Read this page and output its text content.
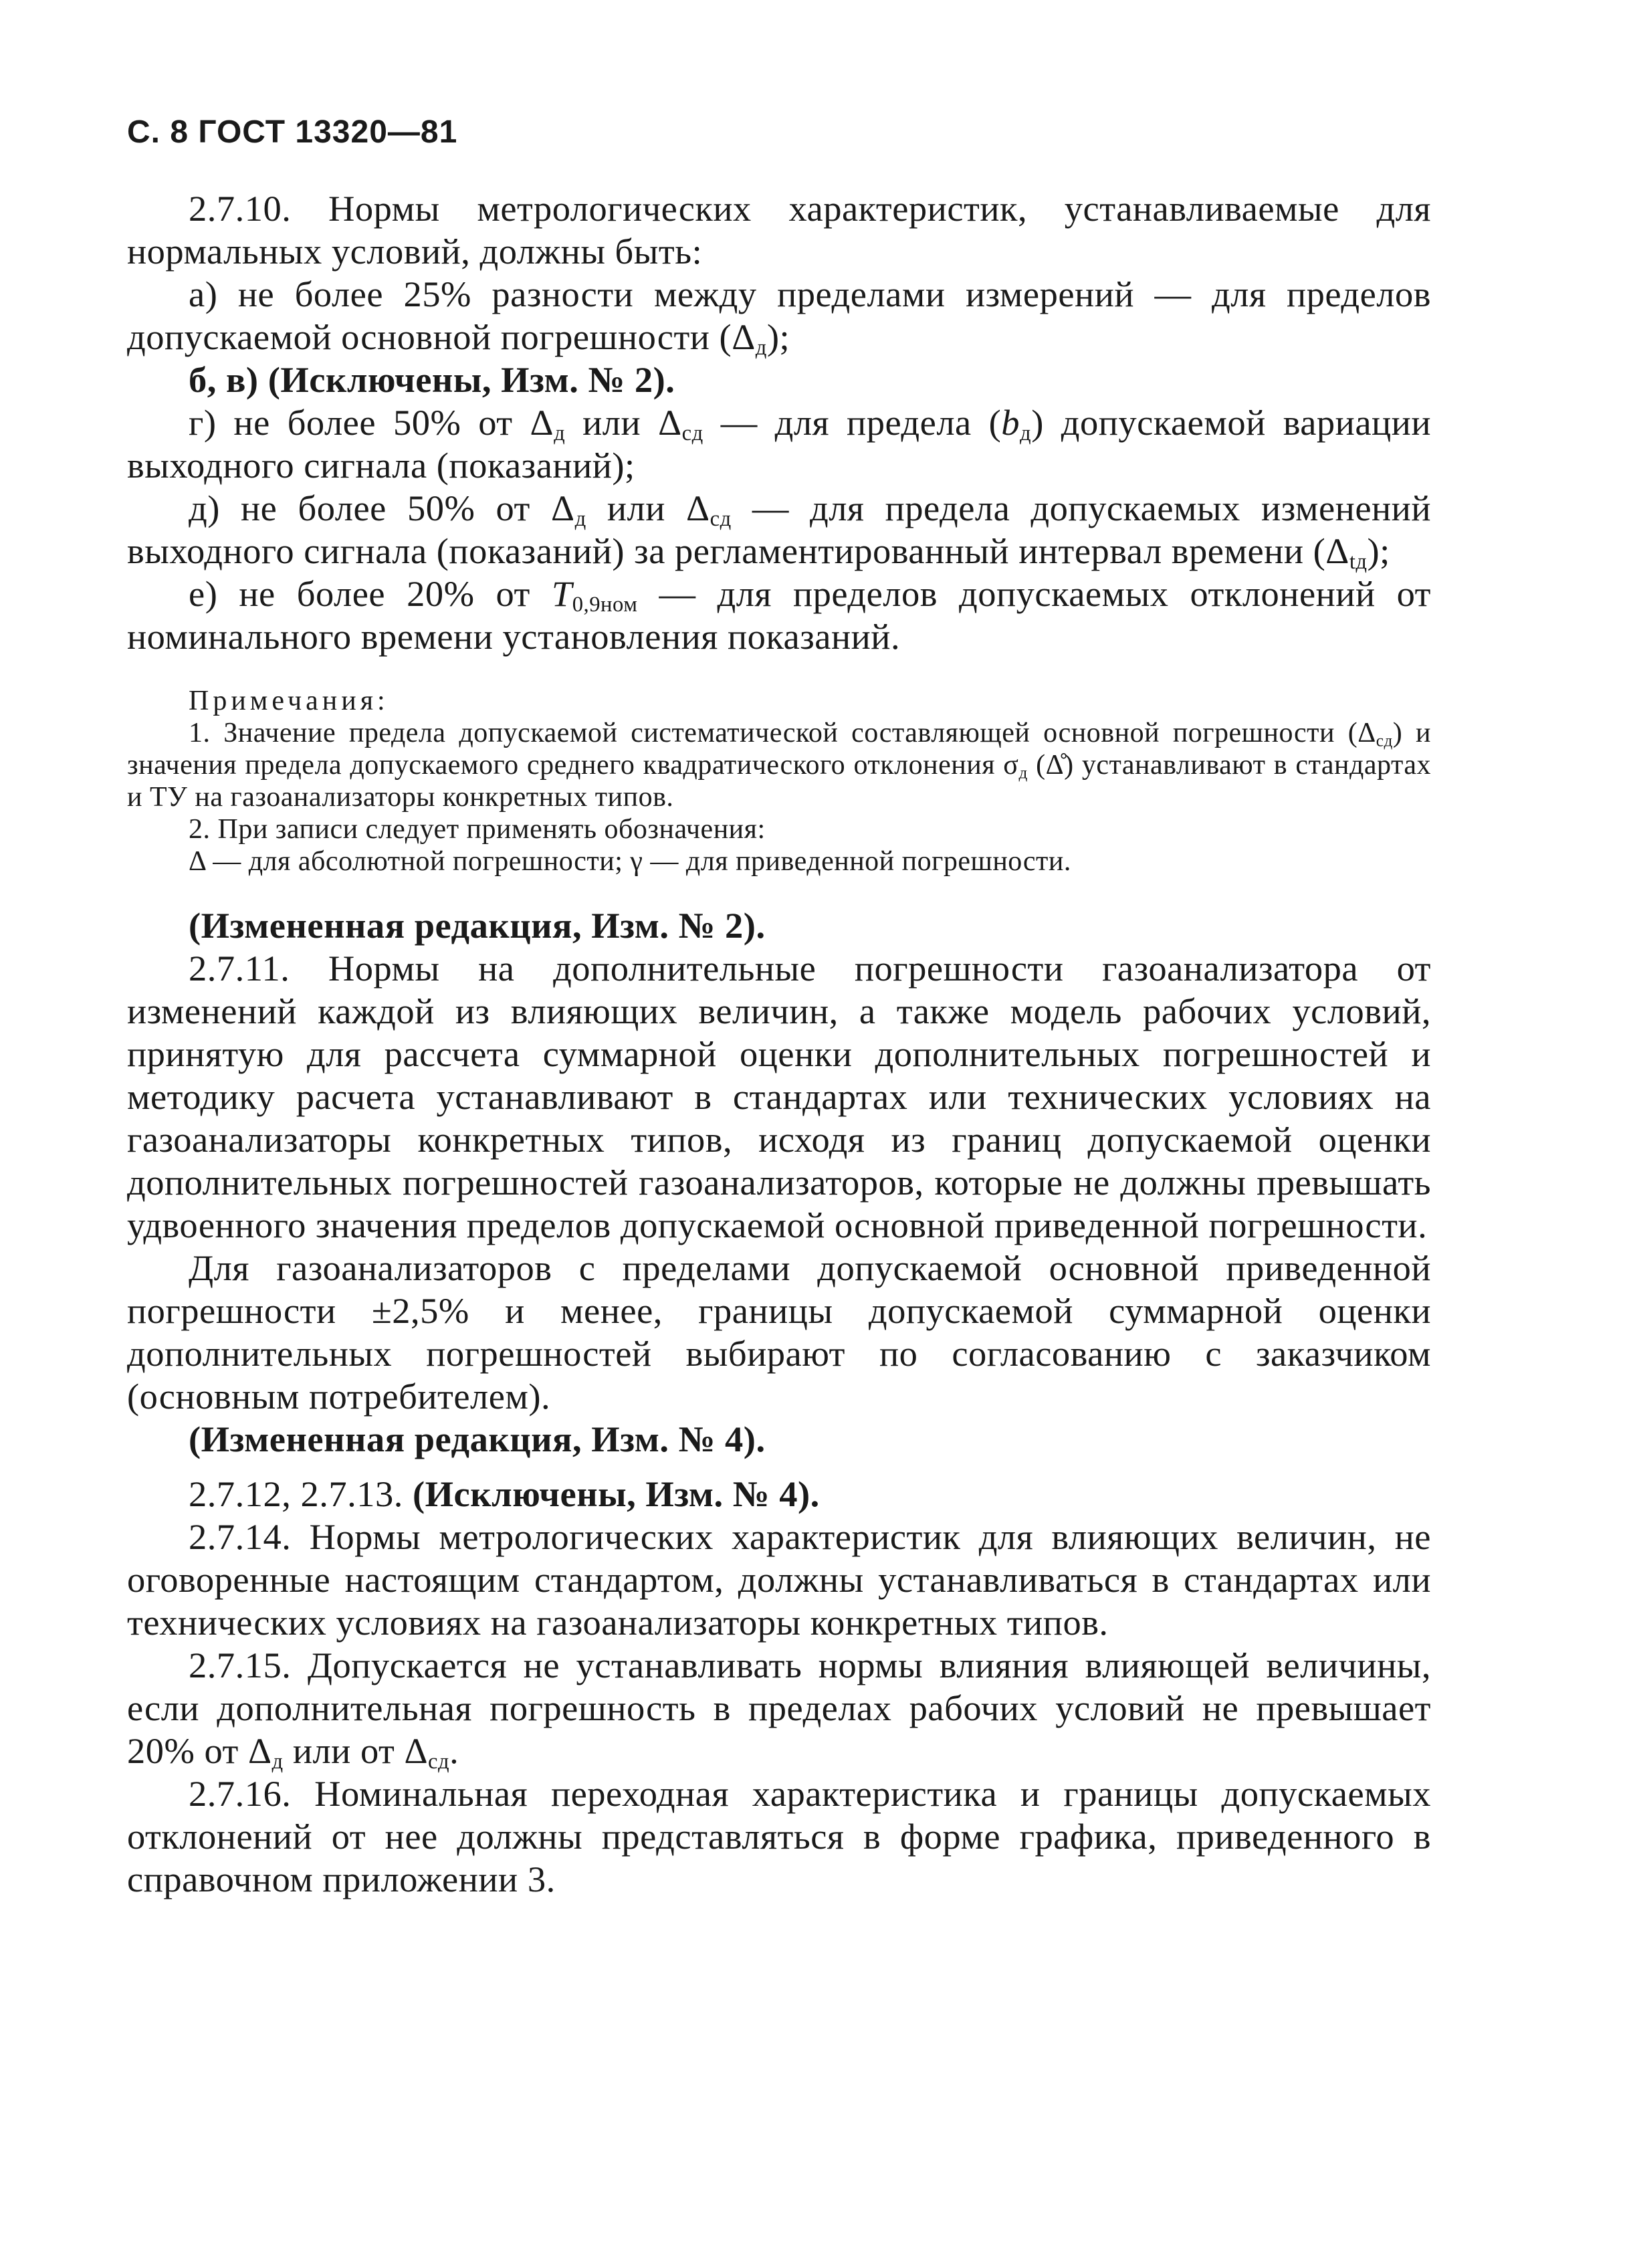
С. 8 ГОСТ 13320—81

2.7.10. Нормы метрологических характеристик, устанавливаемые для нормальных условий, должны быть:

а) не более 25% разности между пределами измерений — для пределов допускаемой основной погрешности $(\Delta_д)$;

б, в) (Исключены, Изм. № 2).

г) не более 50% от $\Delta_д$ или $\Delta_{сд}$ — для предела $(b_д)$ допускаемой вариации выходного сигнала (показаний);

д) не более 50% от $\Delta_д$ или $\Delta_{сд}$ — для предела допускаемых изменений выходного сигнала (показаний) за регламентированный интервал времени $(\Delta_{tд})$;

е) не более 20% от $T_{0,9ном}$ — для пределов допускаемых отклонений от номинального времени установления показаний.

Примечания:

1. Значение предела допускаемой систематической составляющей основной погрешности $(\Delta_{сд})$ и значения предела допускаемого среднего квадратического отклонения $\sigma_д$ (Δ̊) устанавливают в стандартах и ТУ на газоанализаторы конкретных типов.

2. При записи следует применять обозначения:

Δ — для абсолютной погрешности; γ — для приведенной погрешности.

(Измененная редакция, Изм. № 2).

2.7.11. Нормы на дополнительные погрешности газоанализатора от изменений каждой из влияющих величин, а также модель рабочих условий, принятую для рассчета суммарной оценки дополнительных погрешностей и методику расчета устанавливают в стандартах или технических условиях на газоанализаторы конкретных типов, исходя из границ допускаемой оценки дополнительных погрешностей газоанализаторов, которые не должны превышать удвоенного значения пределов допускаемой основной приведенной погрешности.

Для газоанализаторов с пределами допускаемой основной приведенной погрешности ±2,5% и менее, границы допускаемой суммарной оценки дополнительных погрешностей выбирают по согласованию с заказчиком (основным потребителем).

(Измененная редакция, Изм. № 4).

2.7.12, 2.7.13. (Исключены, Изм. № 4).

2.7.14. Нормы метрологических характеристик для влияющих величин, не оговоренные настоящим стандартом, должны устанавливаться в стандартах или технических условиях на газоанализаторы конкретных типов.

2.7.15. Допускается не устанавливать нормы влияния влияющей величины, если дополнительная погрешность в пределах рабочих условий не превышает 20% от $\Delta_д$ или от $\Delta_{сд}$.

2.7.16. Номинальная переходная характеристика и границы допускаемых отклонений от нее должны представляться в форме графика, приведенного в справочном приложении 3.
